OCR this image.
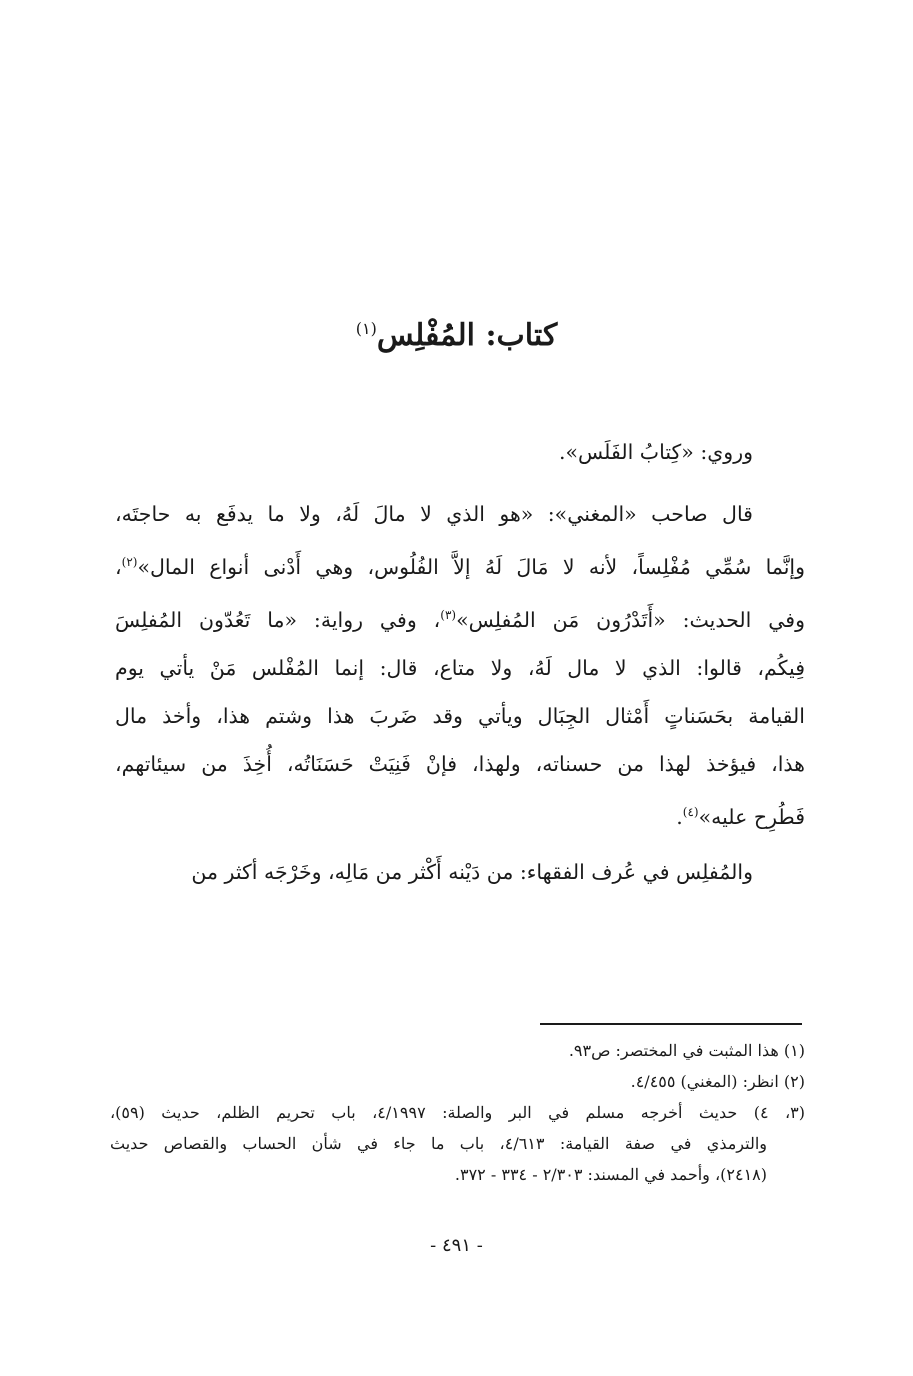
كتاب: المُفْلِس$^{(١)}$
وروي: «كِتابُ الفَلَس».
قال صاحب «المغني»: «هو الذي لا مالَ لَهُ، ولا ما يدفَع به حاجتَه،
وإنَّما سُمِّي مُفْلِساً، لأنه لا مَالَ لَهُ إلاَّ الفُلُوس، وهي أَدْنى أنواع المال»$^{(٢)}$،
وفي الحديث: «أَتَدْرُون مَن المُفلِس»$^{(٣)}$، وفي رواية: «ما تَعُدّون المُفلِسَ
فِيكُم، قالوا: الذي لا مال لَهُ، ولا متاع، قال: إنما المُفْلس مَنْ يأتي يوم
القيامة بحَسَناتٍ أَمْثال الجِبَال ويأتي وقد ضَربَ هذا وشتم هذا، وأخذ مال
هذا، فيؤخذ لهذا من حسناته، ولهذا، فإنْ فَنِيَتْ حَسَنَاتُه، أُخِذَ من سيئاتهم،
فَطُرِح عليه»$^{(٤)}$.
والمُفلِس في عُرف الفقهاء: من دَيْنه أَكْثر من مَالِه، وخَرْجَه أكثر من
(١) هذا المثبت في المختصر: ص٩٣.
(٢) انظر: (المغني) ٤/٤٥٥.
(٣، ٤) حديث أخرجه مسلم في البر والصلة: ٤/١٩٩٧، باب تحريم الظلم، حديث (٥٩)،
والترمذي في صفة القيامة: ٤/٦١٣، باب ما جاء في شأن الحساب والقصاص حديث
(٢٤١٨)، وأحمد في المسند: ٢/٣٠٣ - ٣٣٤ - ٣٧٢.
- ٤٩١ -
